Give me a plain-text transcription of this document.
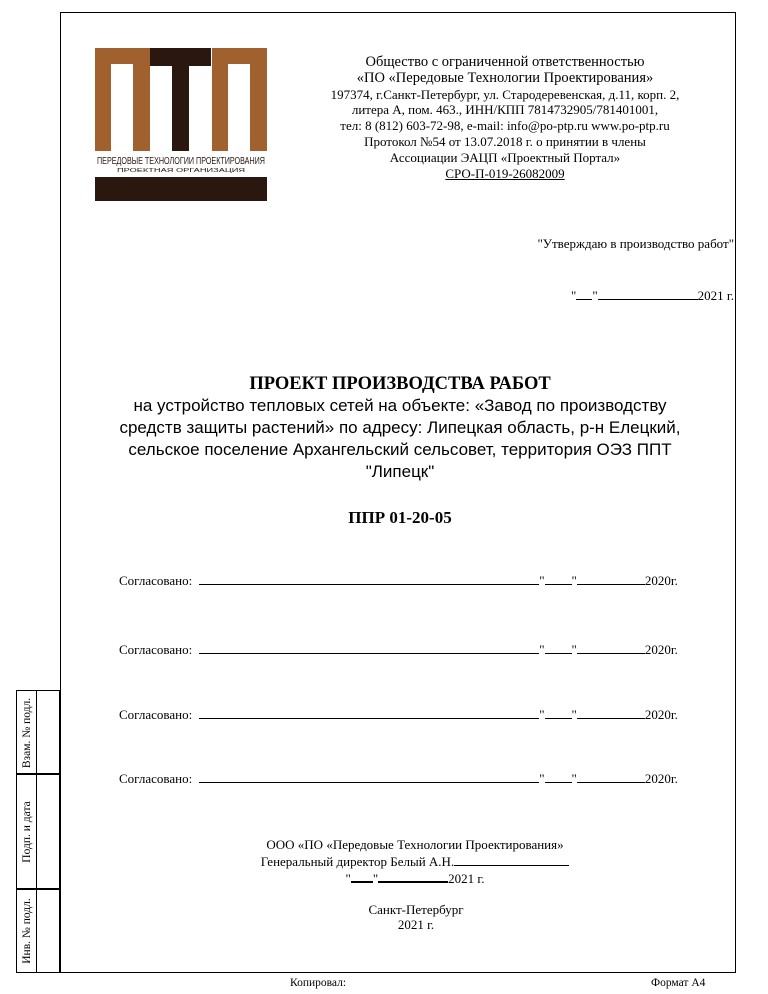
ПЕРЕДОВЫЕ ТЕХНОЛОГИИ ПРОЕКТИРОВАНИЯ
ПРОЕКТНАЯ ОРГАНИЗАЦИЯ
Общество с ограниченной ответственностью
«ПО «Передовые Технологии Проектирования»
197374, г.Санкт-Петербург, ул. Стародеревенская, д.11, корп. 2,
литера А, пом. 463., ИНН/КПП 7814732905/781401001,
тел: 8 (812) 603-72-98, e-mail: info@po-ptp.ru www.po-ptp.ru
Протокол №54 от 13.07.2018 г. о принятии в члены
Ассоциации ЭАЦП «Проектный Портал»
СРО-П-019-26082009
"Утверждаю в производство работ"
" "	2021 г.
ПРОЕКТ ПРОИЗВОДСТВА РАБОТ
на устройство тепловых сетей на объекте: «Завод по производству
средств защиты растений» по адресу: Липецкая область, р-н Елецкий,
сельское поселение Архангельский сельсовет, территория ОЭЗ ППТ
"Липецк"
ППР 01-20-05
Согласовано:	" "	2020г.
Согласовано:	" "	2020г.
Согласовано:	" "	2020г.
Согласовано:	" "	2020г.
ООО «ПО «Передовые Технологии Проектирования»
Генеральный директор Белый А.Н.
" "	2021 г.
Санкт-Петербург
2021 г.
Взам. № подл.
Подп. и дата
Инв. № подл.
Копировал:	Формат А4
